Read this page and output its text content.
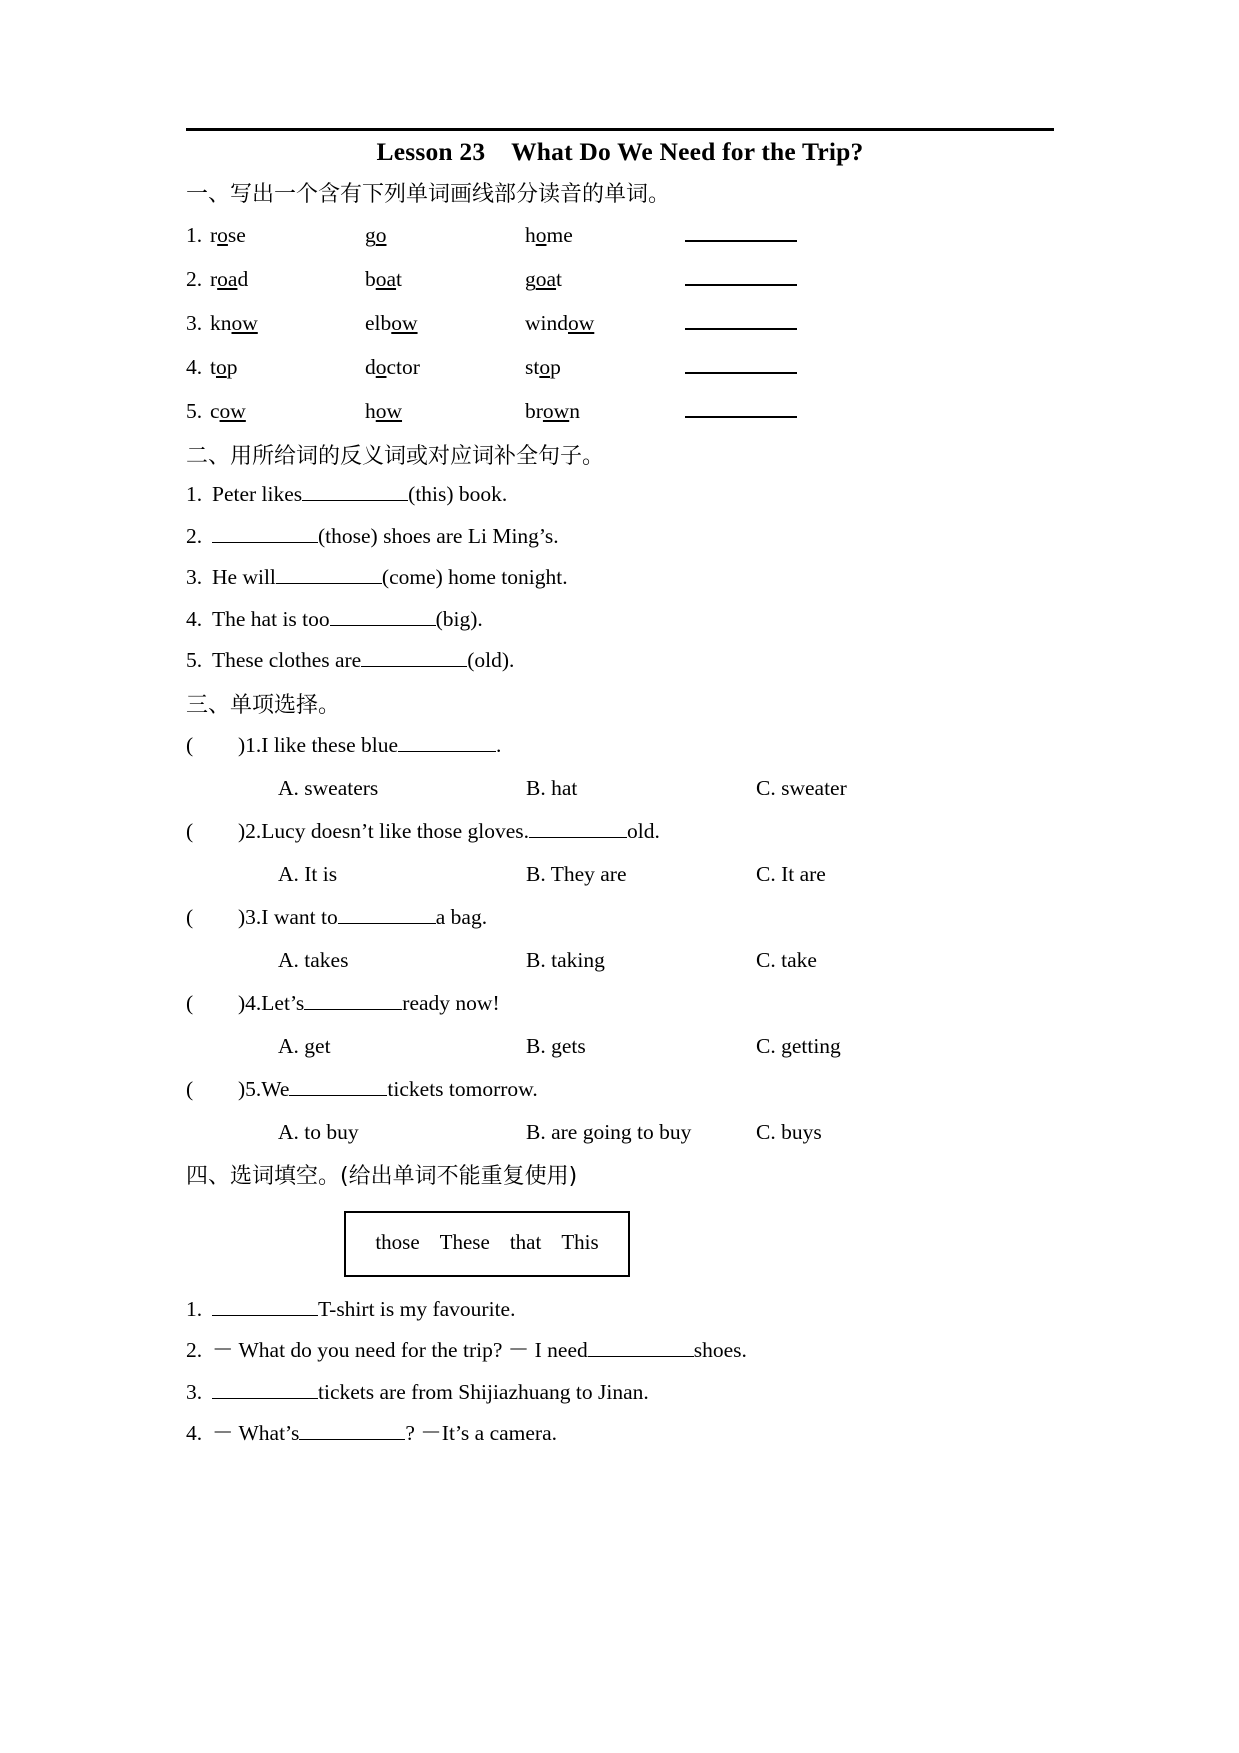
Lesson 23    What Do We Need for the Trip?
一、写出一个含有下列单词画线部分读音的单词。
1. rose	go	home
2. road	boat	goat
3. know	elbow	window
4. top	doctor	stop
5. cow	how	brown
二、用所给词的反义词或对应词补全句子。
1. Peter likes	(this) book.
2.	(those) shoes are Li Ming’s.
3. He will	(come) home tonight.
4. The hat is too	(big).
5. These clothes are	(old).
三、单项选择。
( ) 1. I like these blue	.
A. sweaters	B. hat	C. sweater
( ) 2. Lucy doesn’t like those gloves.	old.
A. It is	B. They are	C. It are
( ) 3. I want to	a bag.
A. takes	B. taking	C. take
( ) 4. Let’s	ready now!
A. get	B. gets	C. getting
( ) 5. We	tickets tomorrow.
A. to buy	B. are going to buy	C. buys
四、选词填空。(给出单词不能重复使用)
those These that This
1.	T-shirt is my favourite.
2. － What do you need for the trip? － I need	shoes.
3.	tickets are from Shijiazhuang to Jinan.
4. － What’s	? －It’s a camera.
